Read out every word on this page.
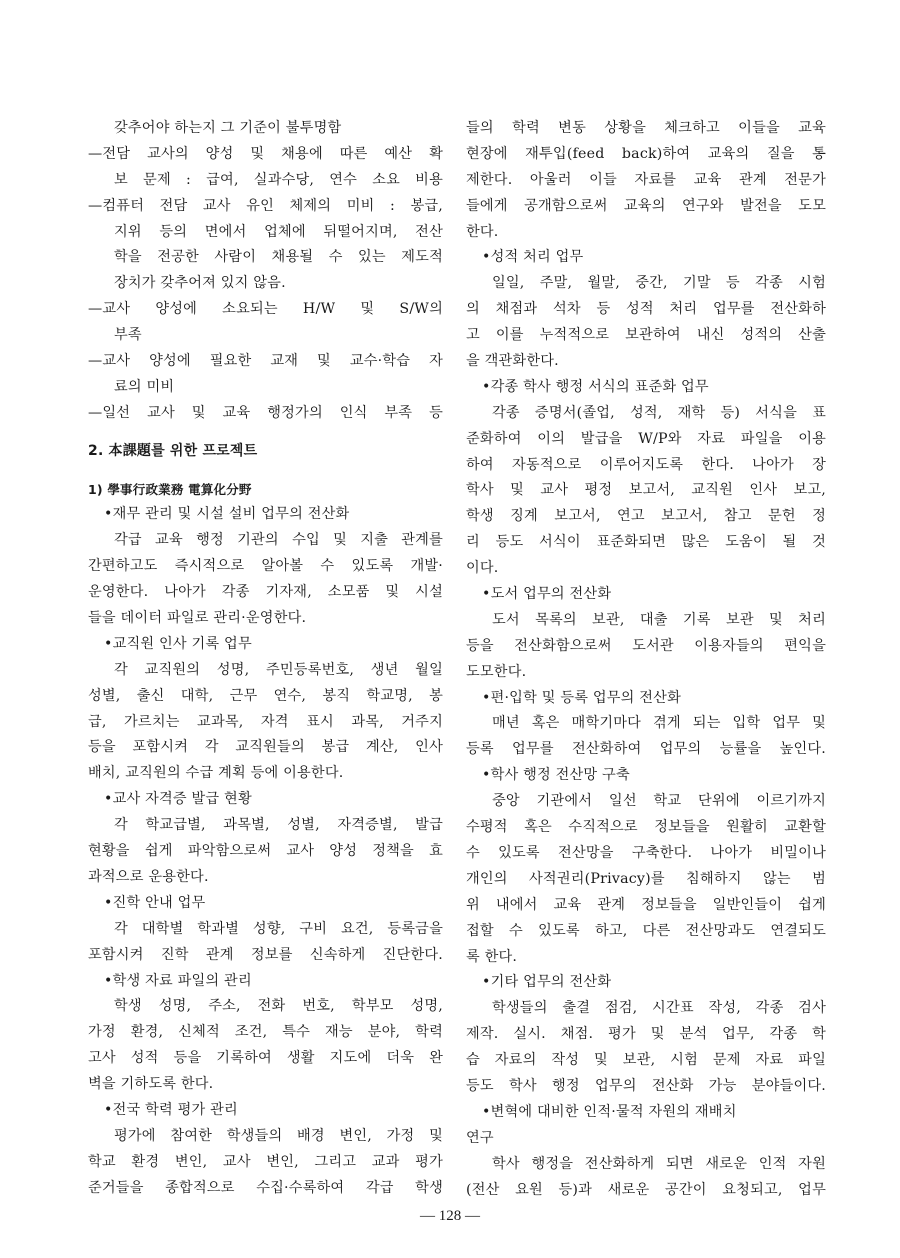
갖추어야 하는지 그 기준이 불투명함
—전담 교사의 양성 및 채용에 따른 예산 확
보 문제 : 급여, 실과수당, 연수 소요 비용
—컴퓨터 전담 교사 유인 체제의 미비 : 봉급,
지위 등의 면에서 업체에 뒤떨어지며, 전산
학을 전공한 사람이 채용될 수 있는 제도적
장치가 갖추어져 있지 않음.
—교사 양성에 소요되는 H/W 및 S/W의
부족
—교사 양성에 필요한 교재 및 교수·학습 자
료의 미비
—일선 교사 및 교육 행정가의 인식 부족 등
2. 本課題를 위한 프로젝트
1) 學事行政業務 電算化分野
•재무 관리 및 시설 설비 업무의 전산화
각급 교육 행정 기관의 수입 및 지출 관계를
간편하고도 즉시적으로 알아볼 수 있도록 개발·
운영한다. 나아가 각종 기자재, 소모품 및 시설
들을 데이터 파일로 관리·운영한다.
•교직원 인사 기록 업무
각 교직원의 성명, 주민등록번호, 생년 월일
성별, 출신 대학, 근무 연수, 봉직 학교명, 봉
급, 가르치는 교과목, 자격 표시 과목, 거주지
등을 포함시켜 각 교직원들의 봉급 계산, 인사
배치, 교직원의 수급 계획 등에 이용한다.
•교사 자격증 발급 현황
각 학교급별, 과목별, 성별, 자격증별, 발급
현황을 쉽게 파악함으로써 교사 양성 정책을 효
과적으로 운용한다.
•진학 안내 업무
각 대학별 학과별 성향, 구비 요건, 등록금을
포함시켜 진학 관계 정보를 신속하게 진단한다.
•학생 자료 파일의 관리
학생 성명, 주소, 전화 번호, 학부모 성명,
가정 환경, 신체적 조건, 특수 재능 분야, 학력
고사 성적 등을 기록하여 생활 지도에 더욱 완
벽을 기하도록 한다.
•전국 학력 평가 관리
평가에 참여한 학생들의 배경 변인, 가정 및
학교 환경 변인, 교사 변인, 그리고 교과 평가
준거들을 종합적으로 수집·수록하여 각급 학생
들의 학력 변동 상황을 체크하고 이들을 교육
현장에 재투입(feed back)하여 교육의 질을 통
제한다. 아울러 이들 자료를 교육 관계 전문가
들에게 공개함으로써 교육의 연구와 발전을 도모
한다.
•성적 처리 업무
일일, 주말, 월말, 중간, 기말 등 각종 시험
의 채점과 석차 등 성적 처리 업무를 전산화하
고 이를 누적적으로 보관하여 내신 성적의 산출
을 객관화한다.
•각종 학사 행정 서식의 표준화 업무
각종 증명서(졸업, 성적, 재학 등) 서식을 표
준화하여 이의 발급을 W/P와 자료 파일을 이용
하여 자동적으로 이루어지도록 한다. 나아가 장
학사 및 교사 평정 보고서, 교직원 인사 보고,
학생 징계 보고서, 연고 보고서, 참고 문헌 정
리 등도 서식이 표준화되면 많은 도움이 될 것
이다.
•도서 업무의 전산화
도서 목록의 보관, 대출 기록 보관 및 처리
등을 전산화함으로써 도서관 이용자들의 편익을
도모한다.
•편·입학 및 등록 업무의 전산화
매년 혹은 매학기마다 겪게 되는 입학 업무 및
등록 업무를 전산화하여 업무의 능률을 높인다.
•학사 행정 전산망 구축
중앙 기관에서 일선 학교 단위에 이르기까지
수평적 혹은 수직적으로 정보들을 원활히 교환할
수 있도록 전산망을 구축한다. 나아가 비밀이나
개인의 사적권리(Privacy)를 침해하지 않는 범
위 내에서 교육 관계 정보들을 일반인들이 쉽게
접할 수 있도록 하고, 다른 전산망과도 연결되도
록 한다.
•기타 업무의 전산화
학생들의 출결 점검, 시간표 작성, 각종 검사
제작. 실시. 채점. 평가 및 분석 업무, 각종 학
습 자료의 작성 및 보관, 시험 문제 자료 파일
등도 학사 행정 업무의 전산화 가능 분야들이다.
•변혁에 대비한 인적·물적 자원의 재배치
연구
학사 행정을 전산화하게 되면 새로운 인적 자원
(전산 요원 등)과 새로운 공간이 요청되고, 업무
— 128 —
